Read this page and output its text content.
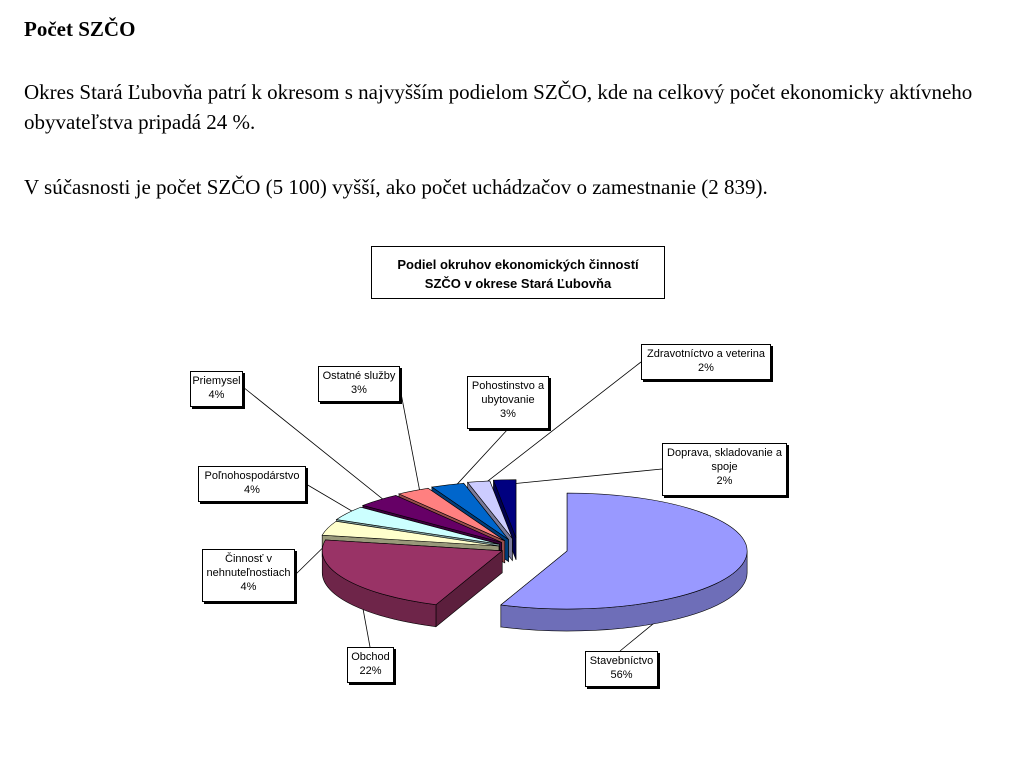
Počet SZČO
Okres Stará Ľubovňa patrí k okresom s najvyšším podielom SZČO, kde na celkový počet ekonomicky aktívneho obyvateľstva pripadá 24 %.
V súčasnosti je počet SZČO (5 100) vyšší, ako počet uchádzačov o zamestnanie (2 839).
Podiel okruhov ekonomických činností
SZČO v okrese Stará Ľubovňa
Stavebníctvo
56%
Obchod
22%
Činnosť v nehnuteľnostiach
4%
Poľnohospodárstvo
4%
Priemysel
4%
Ostatné služby
3%	Pohostinstvo a ubytovanie
3%
Zdravotníctvo a veterina
2%
Doprava, skladovanie a spoje
2%
